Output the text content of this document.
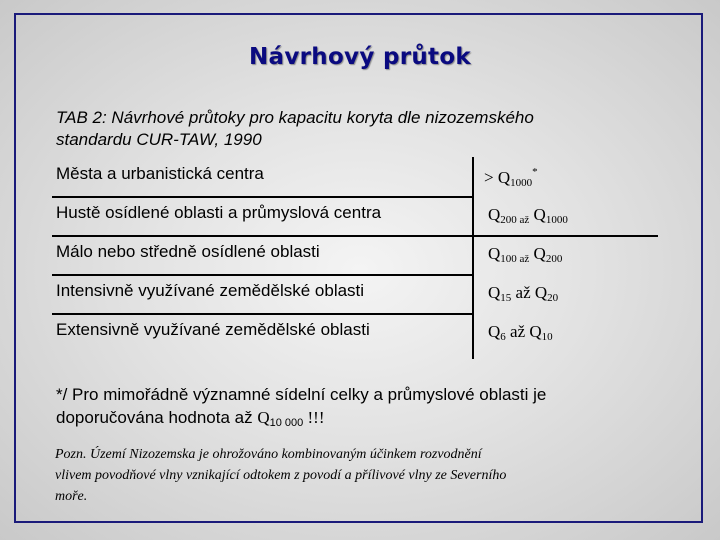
Návrhový průtok
TAB 2: Návrhové průtoky pro kapacitu koryta dle nizozemského
standardu CUR-TAW, 1990
Města a urbanistická centra	> $Q_{1000}^*$
Hustě osídlené oblasti a průmyslová centra	$Q_{200 až}$ $Q_{1000}$
Málo nebo středně osídlené oblasti	$Q_{100 až}$ $Q_{200}$
Intensivně využívané zemědělské oblasti	$Q_{15}$ až $Q_{20}$
Extensivně využívané zemědělské oblasti	$Q_6$ až $Q_{10}$
*/ Pro mimořádně významné sídelní celky a průmyslové oblasti je
doporučována hodnota až $Q_{10 000}$ !!!
Pozn. Území Nizozemska je ohrožováno kombinovaným účinkem rozvodnění
vlivem povodňové vlny vznikající odtokem z povodí a přílivové vlny ze Severního
moře.
